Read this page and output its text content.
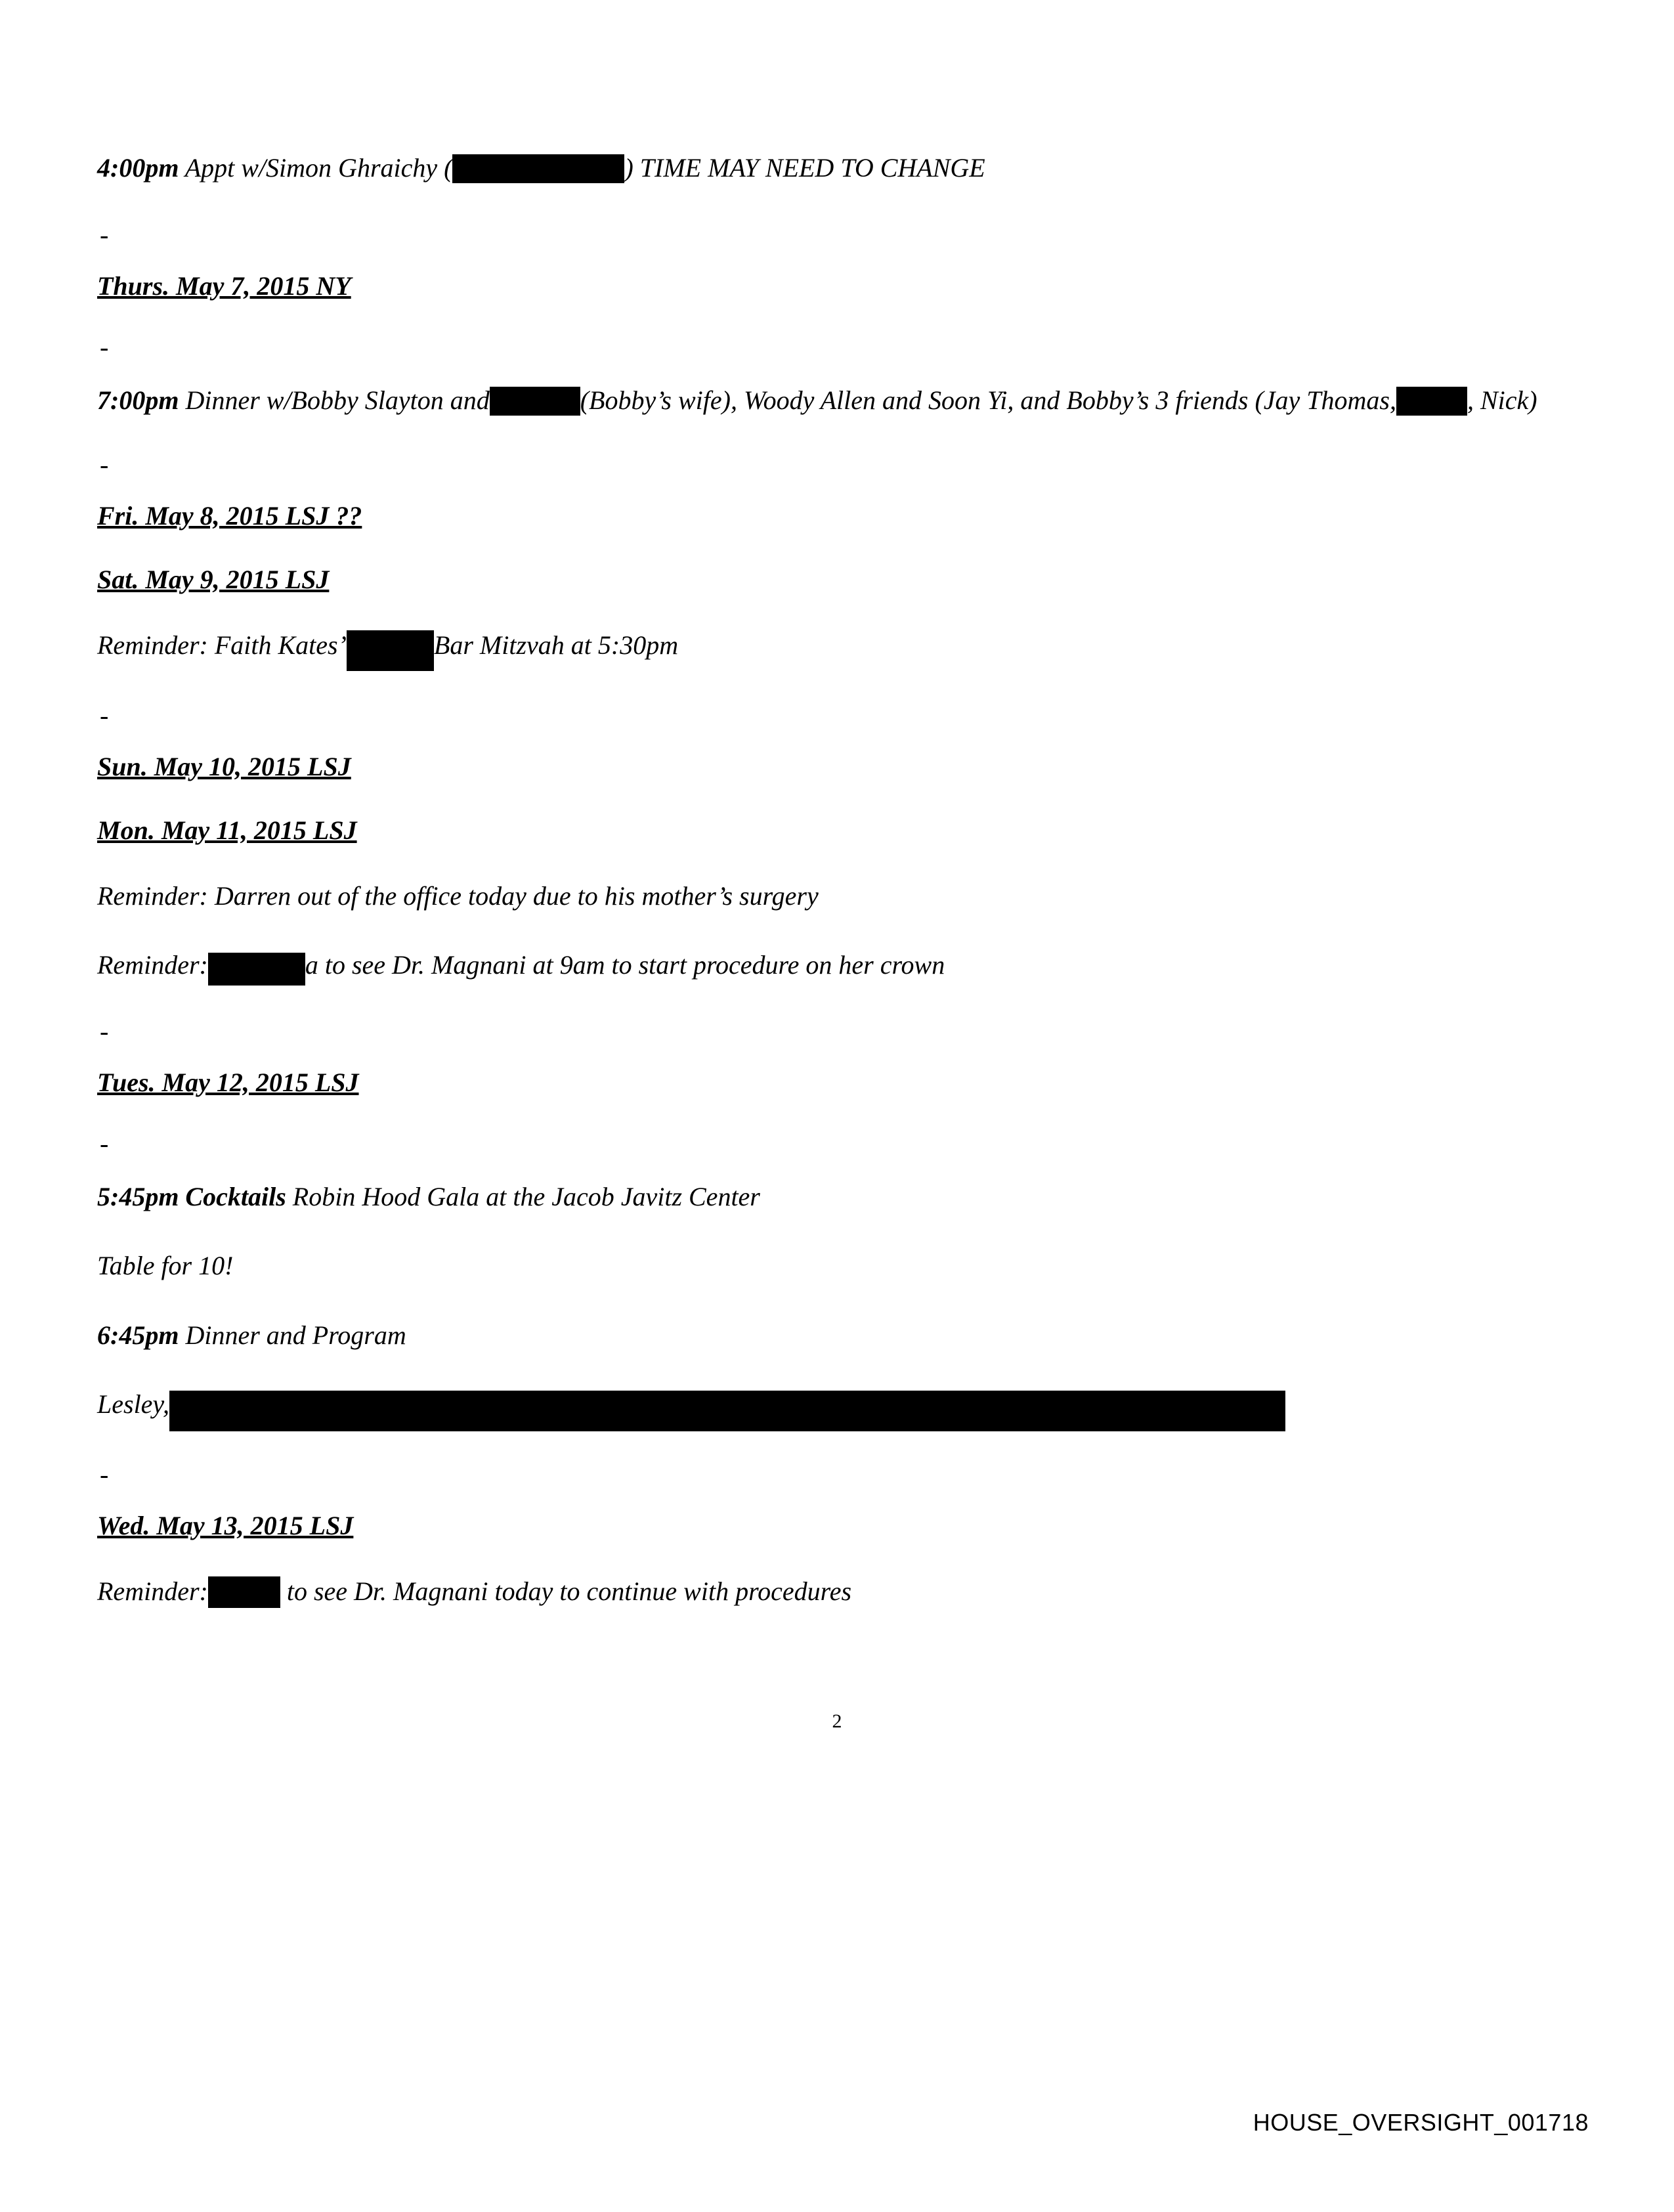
4:00pm Appt w/Simon Ghraichy (	) TIME MAY NEED TO CHANGE
-
Thurs. May 7, 2015 NY
-
7:00pm Dinner w/Bobby Slayton and	(Bobby’s wife), Woody Allen and Soon Yi, and Bobby’s 3 friends (Jay Thomas,	, Nick)
-
Fri. May 8, 2015 LSJ ??
Sat. May 9, 2015 LSJ
Reminder: Faith Kates’	Bar Mitzvah at 5:30pm
-
Sun. May 10, 2015 LSJ
Mon. May 11, 2015 LSJ
Reminder: Darren out of the office today due to his mother’s surgery
Reminder:	a to see Dr. Magnani at 9am to start procedure on her crown
-
Tues. May 12, 2015 LSJ
-
5:45pm Cocktails Robin Hood Gala at the Jacob Javitz Center
Table for 10!
6:45pm Dinner and Program
Lesley,
-
Wed. May 13, 2015 LSJ
Reminder:	to see Dr. Magnani today to continue with procedures
2
HOUSE_OVERSIGHT_001718
